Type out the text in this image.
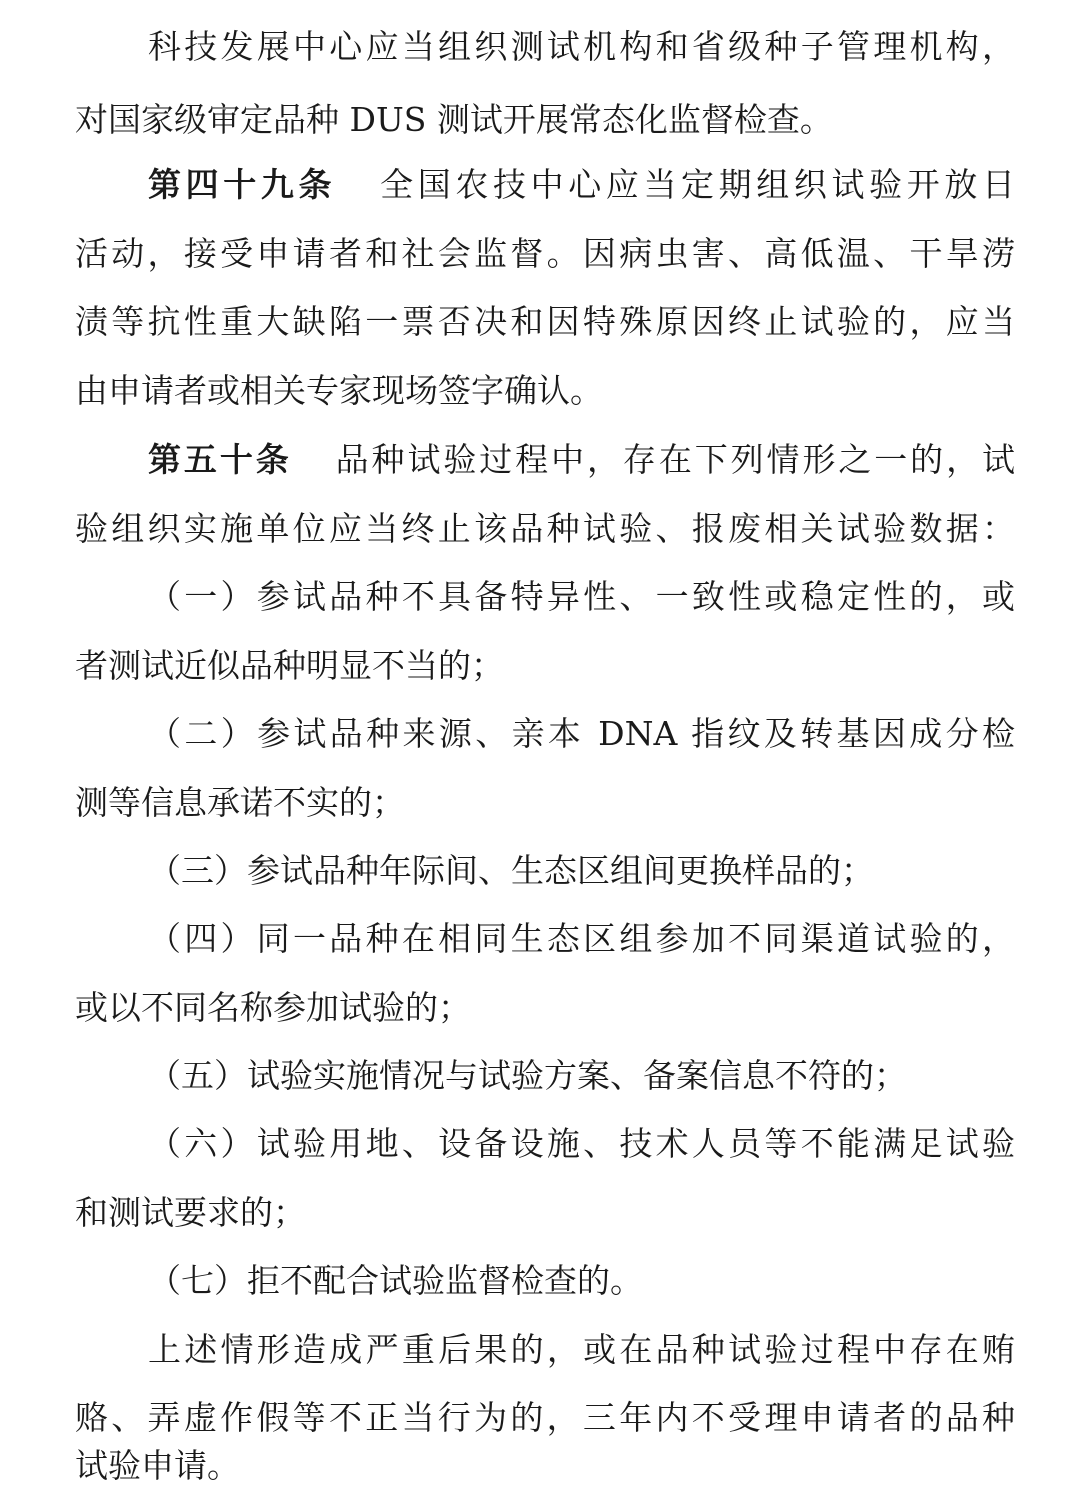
科技发展中心应当组织测试机构和省级种子管理机构，
对国家级审定品种 DUS 测试开展常态化监督检查。
第四十九条 全国农技中心应当定期组织试验开放日
活动，接受申请者和社会监督。因病虫害、高低温、干旱涝
渍等抗性重大缺陷一票否决和因特殊原因终止试验的，应当
由申请者或相关专家现场签字确认。
第五十条 品种试验过程中，存在下列情形之一的，试
验组织实施单位应当终止该品种试验、报废相关试验数据：
（一）参试品种不具备特异性、一致性或稳定性的，或
者测试近似品种明显不当的；
（二）参试品种来源、亲本 DNA 指纹及转基因成分检
测等信息承诺不实的；
（三）参试品种年际间、生态区组间更换样品的；
（四）同一品种在相同生态区组参加不同渠道试验的，
或以不同名称参加试验的；
（五）试验实施情况与试验方案、备案信息不符的；
（六）试验用地、设备设施、技术人员等不能满足试验
和测试要求的；
（七）拒不配合试验监督检查的。
上述情形造成严重后果的，或在品种试验过程中存在贿
赂、弄虚作假等不正当行为的，三年内不受理申请者的品种
试验申请。
